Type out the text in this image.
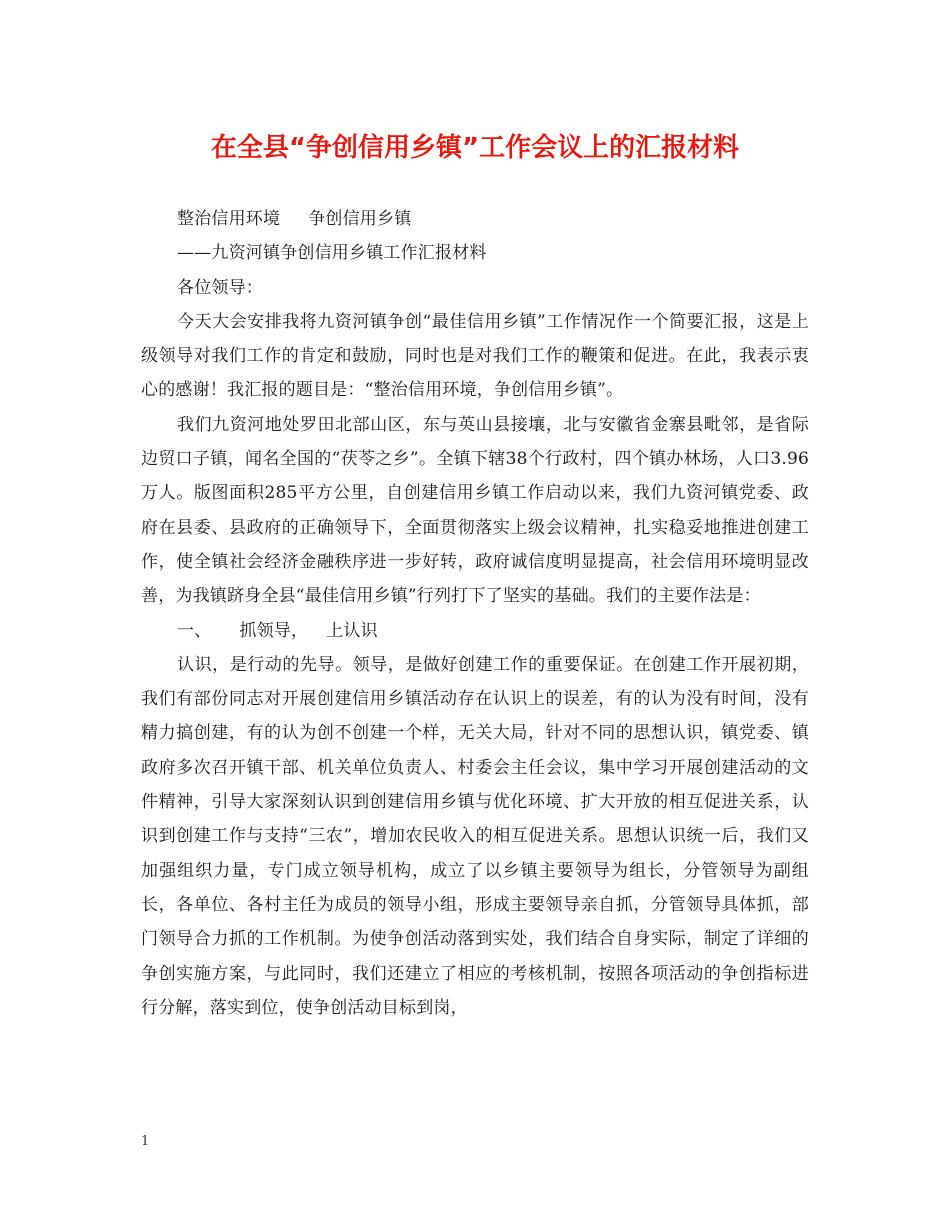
在全县“争创信用乡镇”工作会议上的汇报材料

整治信用环境 争创信用乡镇

——九资河镇争创信用乡镇工作汇报材料

各位领导：

今天大会安排我将九资河镇争创“最佳信用乡镇”工作情况作一个简要汇报，这是上级领导对我们工作的肯定和鼓励，同时也是对我们工作的鞭策和促进。在此，我表示衷心的感谢！我汇报的题目是：“整治信用环境，争创信用乡镇”。

我们九资河地处罗田北部山区，东与英山县接壤，北与安徽省金寨县毗邻，是省际边贸口子镇，闻名全国的“茯苓之乡”。全镇下辖38个行政村，四个镇办林场，人口3.96万人。版图面积285平方公里，自创建信用乡镇工作启动以来，我们九资河镇党委、政府在县委、县政府的正确领导下，全面贯彻落实上级会议精神，扎实稳妥地推进创建工作，使全镇社会经济金融秩序进一步好转，政府诚信度明显提高，社会信用环境明显改善，为我镇跻身全县“最佳信用乡镇”行列打下了坚实的基础。我们的主要作法是：

一、 抓领导， 上认识

认识，是行动的先导。领导，是做好创建工作的重要保证。在创建工作开展初期，我们有部份同志对开展创建信用乡镇活动存在认识上的误差，有的认为没有时间，没有精力搞创建，有的认为创不创建一个样，无关大局，针对不同的思想认识，镇党委、镇政府多次召开镇干部、机关单位负责人、村委会主任会议，集中学习开展创建活动的文件精神，引导大家深刻认识到创建信用乡镇与优化环境、扩大开放的相互促进关系，认识到创建工作与支持“三农”，增加农民收入的相互促进关系。思想认识统一后，我们又加强组织力量，专门成立领导机构，成立了以乡镇主要领导为组长，分管领导为副组长，各单位、各村主任为成员的领导小组，形成主要领导亲自抓，分管领导具体抓，部门领导合力抓的工作机制。为使争创活动落到实处，我们结合自身实际，制定了详细的争创实施方案，与此同时，我们还建立了相应的考核机制，按照各项活动的争创指标进行分解，落实到位，使争创活动目标到岗，

1
